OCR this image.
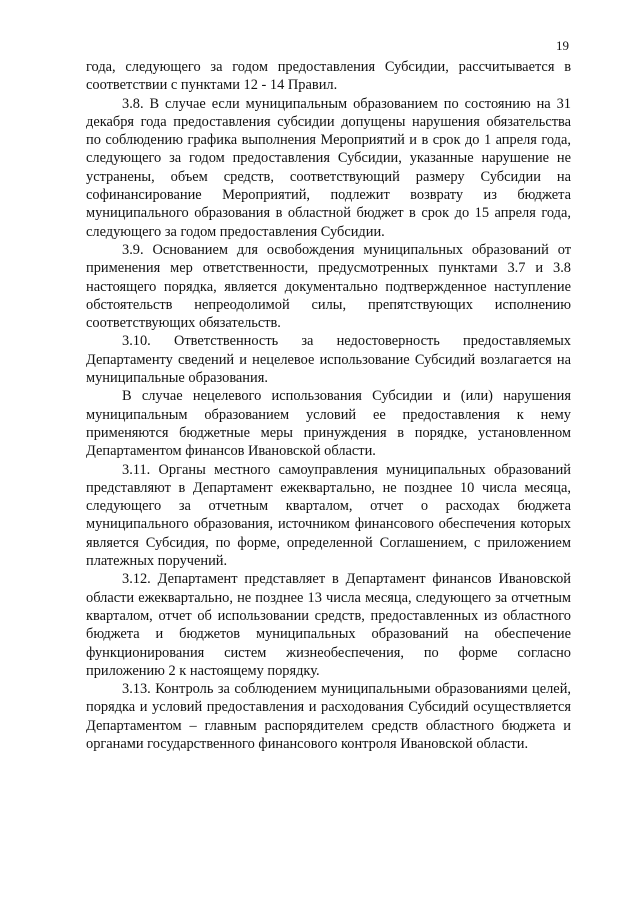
19

года, следующего за годом предоставления Субсидии, рассчитывается в соответствии с пунктами 12 - 14 Правил.

3.8. В случае если муниципальным образованием по состоянию на 31 декабря года предоставления субсидии допущены нарушения обязательства по соблюдению графика выполнения Мероприятий и в срок до 1 апреля года, следующего за годом предоставления Субсидии, указанные нарушение не устранены, объем средств, соответствующий размеру Субсидии на софинансирование Мероприятий, подлежит возврату из бюджета муниципального образования в областной бюджет в срок до 15 апреля года, следующего за годом предоставления Субсидии.

3.9. Основанием для освобождения муниципальных образований от применения мер ответственности, предусмотренных пунктами 3.7 и 3.8 настоящего порядка, является документально подтвержденное наступление обстоятельств непреодолимой силы, препятствующих исполнению соответствующих обязательств.

3.10. Ответственность за недостоверность предоставляемых Департаменту сведений и нецелевое использование Субсидий возлагается на муниципальные образования.

В случае нецелевого использования Субсидии и (или) нарушения муниципальным образованием условий ее предоставления к нему применяются бюджетные меры принуждения в порядке, установленном Департаментом финансов Ивановской области.

3.11. Органы местного самоуправления муниципальных образований представляют в Департамент ежеквартально, не позднее 10 числа месяца, следующего за отчетным кварталом, отчет о расходах бюджета муниципального образования, источником финансового обеспечения которых является Субсидия, по форме, определенной Соглашением, с приложением платежных поручений.

3.12. Департамент представляет в Департамент финансов Ивановской области ежеквартально, не позднее 13 числа месяца, следующего за отчетным кварталом, отчет об использовании средств, предоставленных из областного бюджета и бюджетов муниципальных образований на обеспечение функционирования систем жизнеобеспечения, по форме согласно приложению 2 к настоящему порядку.

3.13. Контроль за соблюдением муниципальными образованиями целей, порядка и условий предоставления и расходования Субсидий осуществляется Департаментом – главным распорядителем средств областного бюджета и органами государственного финансового контроля Ивановской области.
